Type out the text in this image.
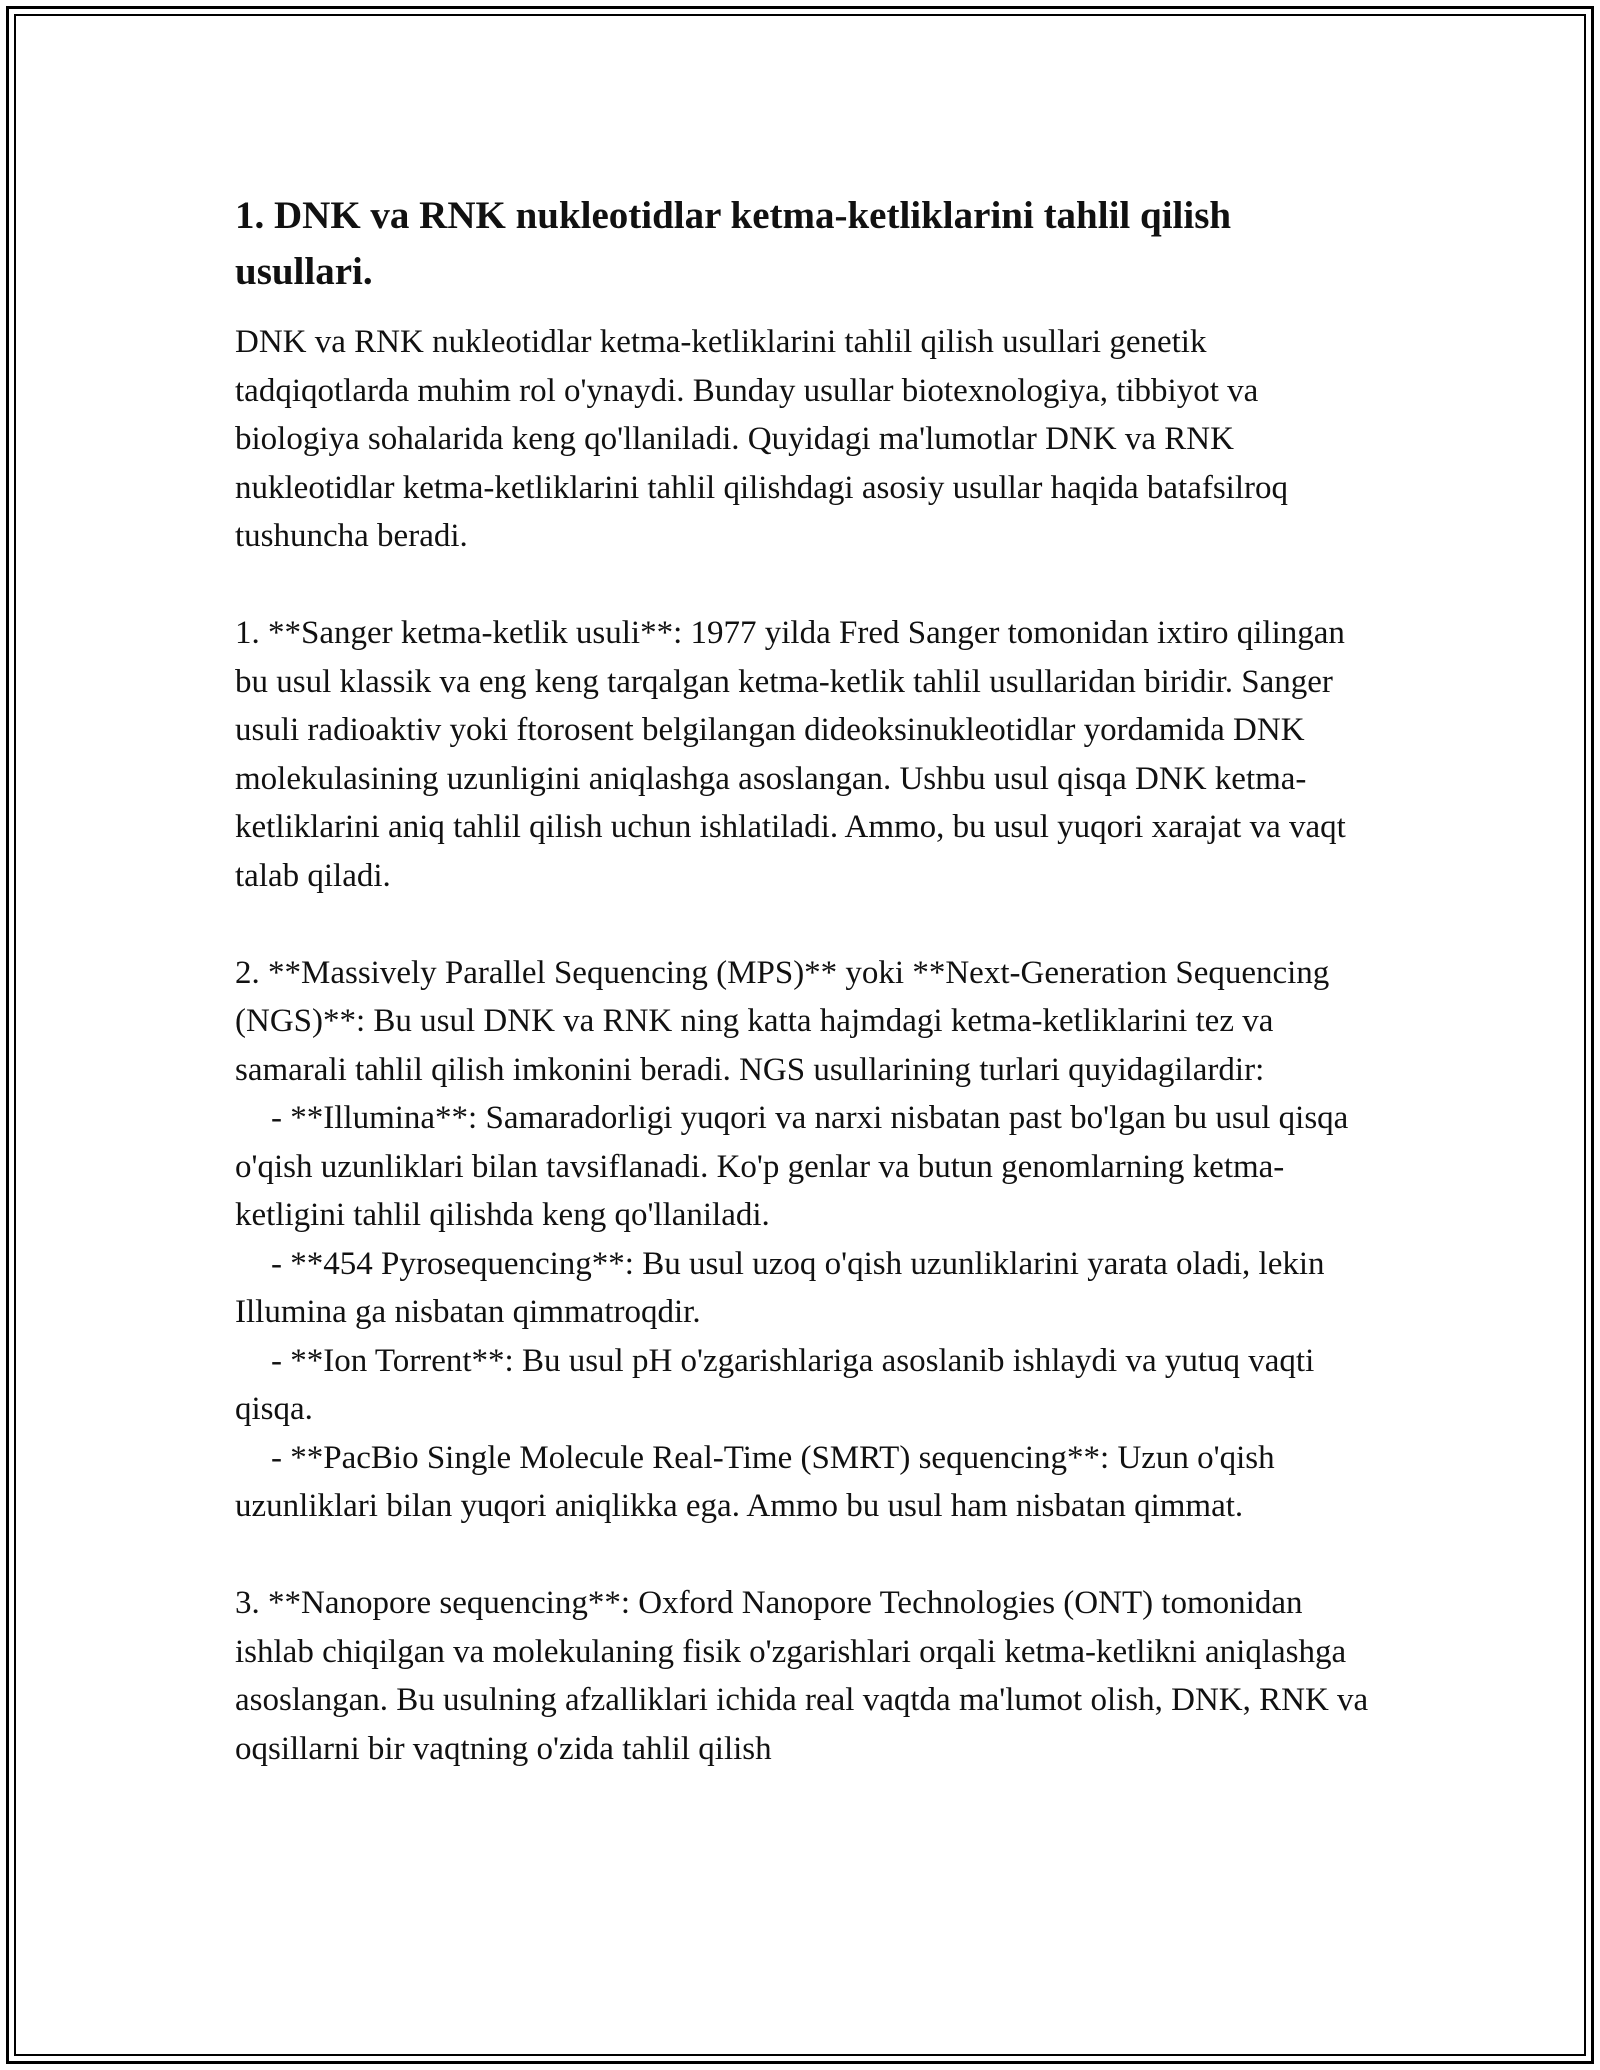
1. DNK va RNK nukleotidlar ketma-ketliklarini tahlil qilish usullari.

DNK va RNK nukleotidlar ketma-ketliklarini tahlil qilish usullari genetik tadqiqotlarda muhim rol o'ynaydi. Bunday usullar biotexnologiya, tibbiyot va biologiya sohalarida keng qo'llaniladi. Quyidagi ma'lumotlar DNK va RNK nukleotidlar ketma-ketliklarini tahlil qilishdagi asosiy usullar haqida batafsilroq tushuncha beradi.

1. **Sanger ketma-ketlik usuli**: 1977 yilda Fred Sanger tomonidan ixtiro qilingan bu usul klassik va eng keng tarqalgan ketma-ketlik tahlil usullaridan biridir. Sanger usuli radioaktiv yoki ftorosent belgilangan dideoksinukleotidlar yordamida DNK molekulasining uzunligini aniqlashga asoslangan. Ushbu usul qisqa DNK ketma-ketliklarini aniq tahlil qilish uchun ishlatiladi. Ammo, bu usul yuqori xarajat va vaqt talab qiladi.

2. **Massively Parallel Sequencing (MPS)** yoki **Next-Generation Sequencing (NGS)**: Bu usul DNK va RNK ning katta hajmdagi ketma-ketliklarini tez va samarali tahlil qilish imkonini beradi. NGS usullarining turlari quyidagilardir:

- **Illumina**: Samaradorligi yuqori va narxi nisbatan past bo'lgan bu usul qisqa o'qish uzunliklari bilan tavsiflanadi. Ko'p genlar va butun genomlarning ketma-ketligini tahlil qilishda keng qo'llaniladi.

- **454 Pyrosequencing**: Bu usul uzoq o'qish uzunliklarini yarata oladi, lekin Illumina ga nisbatan qimmatroqdir.

- **Ion Torrent**: Bu usul pH o'zgarishlariga asoslanib ishlaydi va yutuq vaqti qisqa.

- **PacBio Single Molecule Real-Time (SMRT) sequencing**: Uzun o'qish uzunliklari bilan yuqori aniqlikka ega. Ammo bu usul ham nisbatan qimmat.

3. **Nanopore sequencing**: Oxford Nanopore Technologies (ONT) tomonidan ishlab chiqilgan va molekulaning fisik o'zgarishlari orqali ketma-ketlikni aniqlashga asoslangan. Bu usulning afzalliklari ichida real vaqtda ma'lumot olish, DNK, RNK va oqsillarni bir vaqtning o'zida tahlil qilish
